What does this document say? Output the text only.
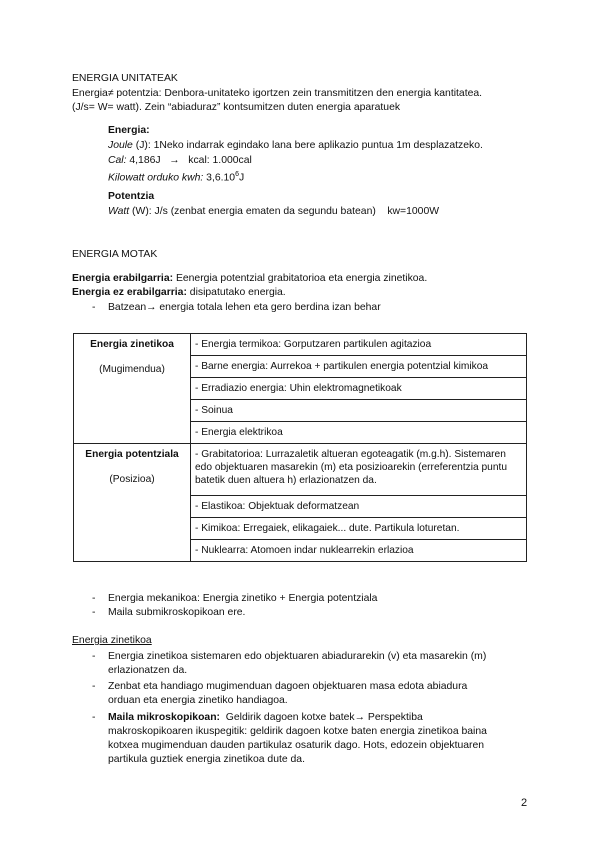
ENERGIA UNITATEAK
Energia≠ potentzia: Denbora-unitateko igortzen zein transmititzen den energia kantitatea.
(J/s= W= watt). Zein “abiaduraz” kontsumitzen duten energia aparatuek
Energia:
Joule (J): 1Neko indarrak egindako lana bere aplikazio puntua 1m desplazatzeko.
Cal: 4,186J   →   kcal: 1.000cal
Kilowatt orduko kwh: 3,6.10$^6$J
Potentzia
Watt (W): J/s (zenbat energia ematen da segundu batean)    kw=1000W
ENERGIA MOTAK
Energia erabilgarria: Eenergia potentzial grabitatorioa eta energia zinetikoa.
Energia ez erabilgarria: disipatutako energia.
- Batzean→ energia totala lehen eta gero berdina izan behar
Energia zinetikoa
(Mugimendua)	- Energia termikoa: Gorputzaren partikulen agitazioa
	- Barne energia: Aurrekoa + partikulen energia potentzial kimikoa
	- Erradiazio energia: Uhin elektromagnetikoak
	- Soinua
	- Energia elektrikoa
Energia potentziala
(Posizioa)	- Grabitatorioa: Lurrazaletik altueran egoteagatik (m.g.h). Sistemaren edo objektuaren masarekin (m) eta posizioarekin (erreferentzia puntu batetik duen altuera h) erlazionatzen da.
	- Elastikoa: Objektuak deformatzean
	- Kimikoa: Erregaiek, elikagaiek... dute. Partikula loturetan.
	- Nuklearra: Atomoen indar nuklearrekin erlazioa
- Energia mekanikoa: Energia zinetiko + Energia potentziala
- Maila submikroskopikoan ere.
Energia zinetikoa
- Energia zinetikoa sistemaren edo objektuaren abiadurarekin (v) eta masarekin (m)
erlazionatzen da.
- Zenbat eta handiago mugimenduan dagoen objektuaren masa edota abiadura
orduan eta energia zinetiko handiagoa.
- Maila mikroskopikoan:  Geldirik dagoen kotxe batek→ Perspektiba
makroskopikoaren ikuspegitik: geldirik dagoen kotxe baten energia zinetikoa baina
kotxea mugimenduan dauden partikulaz osaturik dago. Hots, edozein objektuaren
partikula guztiek energia zinetikoa dute da.
2
